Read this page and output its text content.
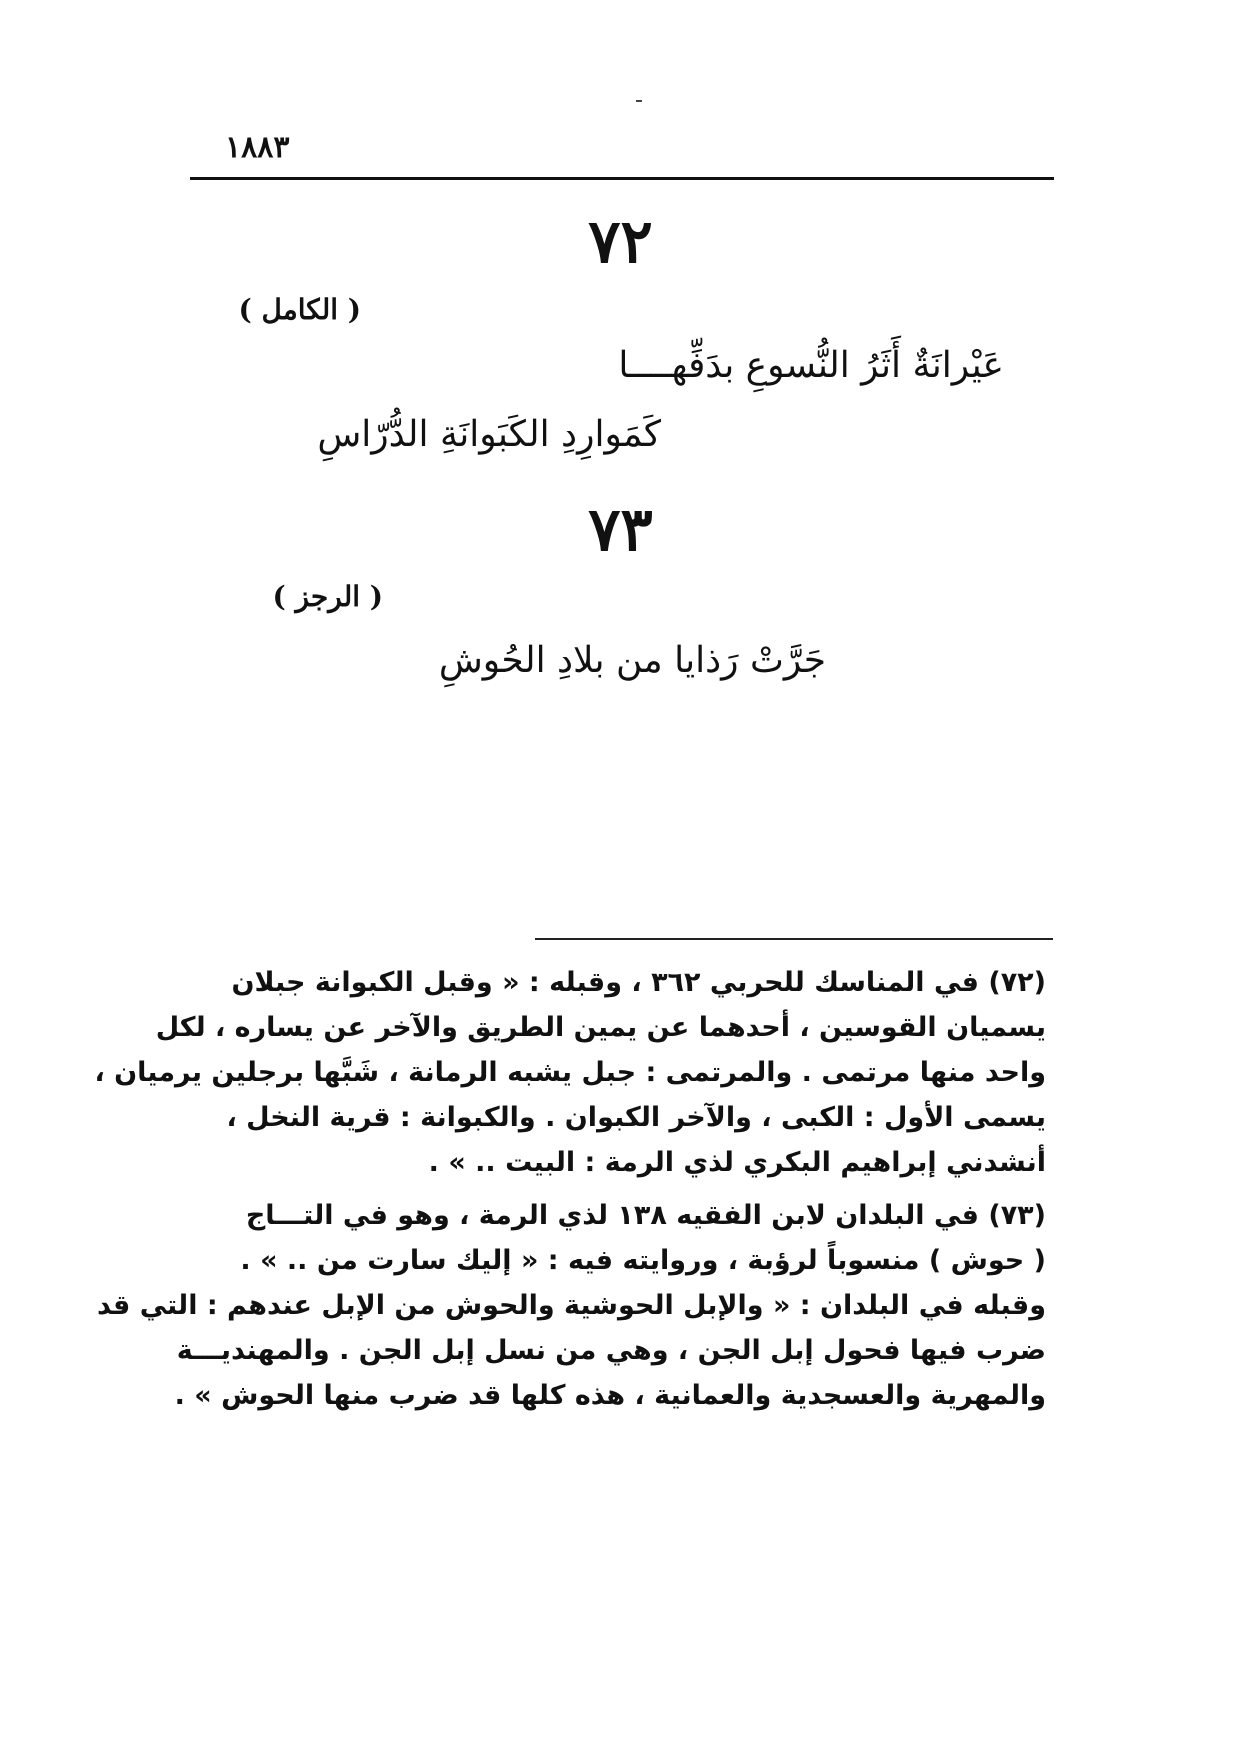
١٨٨٣
٧٢
( الكامل )
عَيْرانَةٌ أَثَرُ النُّسوعِ بدَفِّهــــا
كَمَوارِدِ الكَبَوانَةِ الدُّرّاسِ
٧٣
( الرجز )
جَرَّتْ رَذايا من بلادِ الحُوشِ
(٧٢) في المناسك للحربي ٣٦٢ ، وقبله : « وقبل الكبوانة جبلان
يسميان القوسين ، أحدهما عن يمين الطريق والآخر عن يساره ، لكل
واحد منها مرتمى . والمرتمى : جبل يشبه الرمانة ، شَبَّها برجلين يرميان ،
يسمى الأول : الكبى ، والآخر الكبوان . والكبوانة : قرية النخل ،
أنشدني إبراهيم البكري لذي الرمة : البيت .. » .
(٧٣) في البلدان لابن الفقيه ١٣٨ لذي الرمة ، وهو في التـــاج
( حوش ) منسوباً لرؤبة ، وروايته فيه : « إليك سارت من .. » .
وقبله في البلدان : « والإبل الحوشية والحوش من الإبل عندهم : التي قد
ضرب فيها فحول إبل الجن ، وهي من نسل إبل الجن . والمهنديـــة
والمهرية والعسجدية والعمانية ، هذه كلها قد ضرب منها الحوش » .
